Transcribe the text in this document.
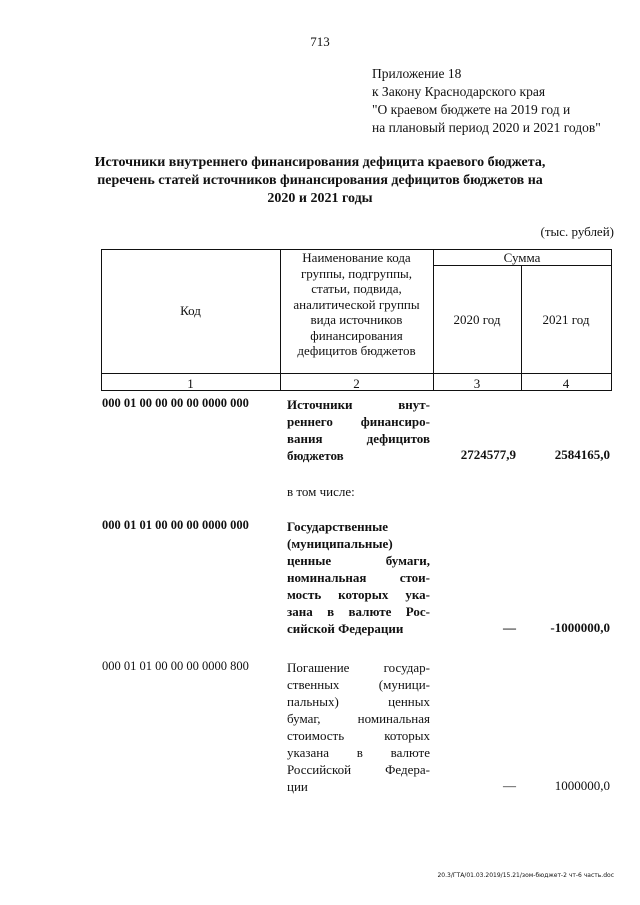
713
Приложение 18
к Закону Краснодарского края
"О краевом бюджете на 2019 год и
на плановый период 2020 и 2021 годов"
Источники внутреннего финансирования дефицита краевого бюджета,
перечень статей источников финансирования дефицитов бюджетов на
2020 и 2021 годы
(тыс. рублей)
Код
Наименование кода
группы, подгруппы,
статьи, подвида,
аналитической группы
вида источников
финансирования
дефицитов бюджетов
Сумма
2020 год	2021 год
1	2	3	4
000 01 00 00 00 00 0000 000	Источники внут-
реннего финансиро-
вания дефицитов
бюджетов	2724577,9	2584165,0
в том числе:
000 01 01 00 00 00 0000 000	Государственные
(муниципальные)
ценные бумаги,
номинальная стои-
мость которых ука-
зана в валюте Рос-
сийской Федерации	—	-1000000,0
000 01 01 00 00 00 0000 800	Погашение государ-
ственных (муници-
пальных) ценных
бумаг, номинальная
стоимость которых
указана в валюте
Российской Федера-
ции	—	1000000,0
20.3/ГТА/01.03.2019/15.21/зом-бюджет-2 чт-6 часть.doc
